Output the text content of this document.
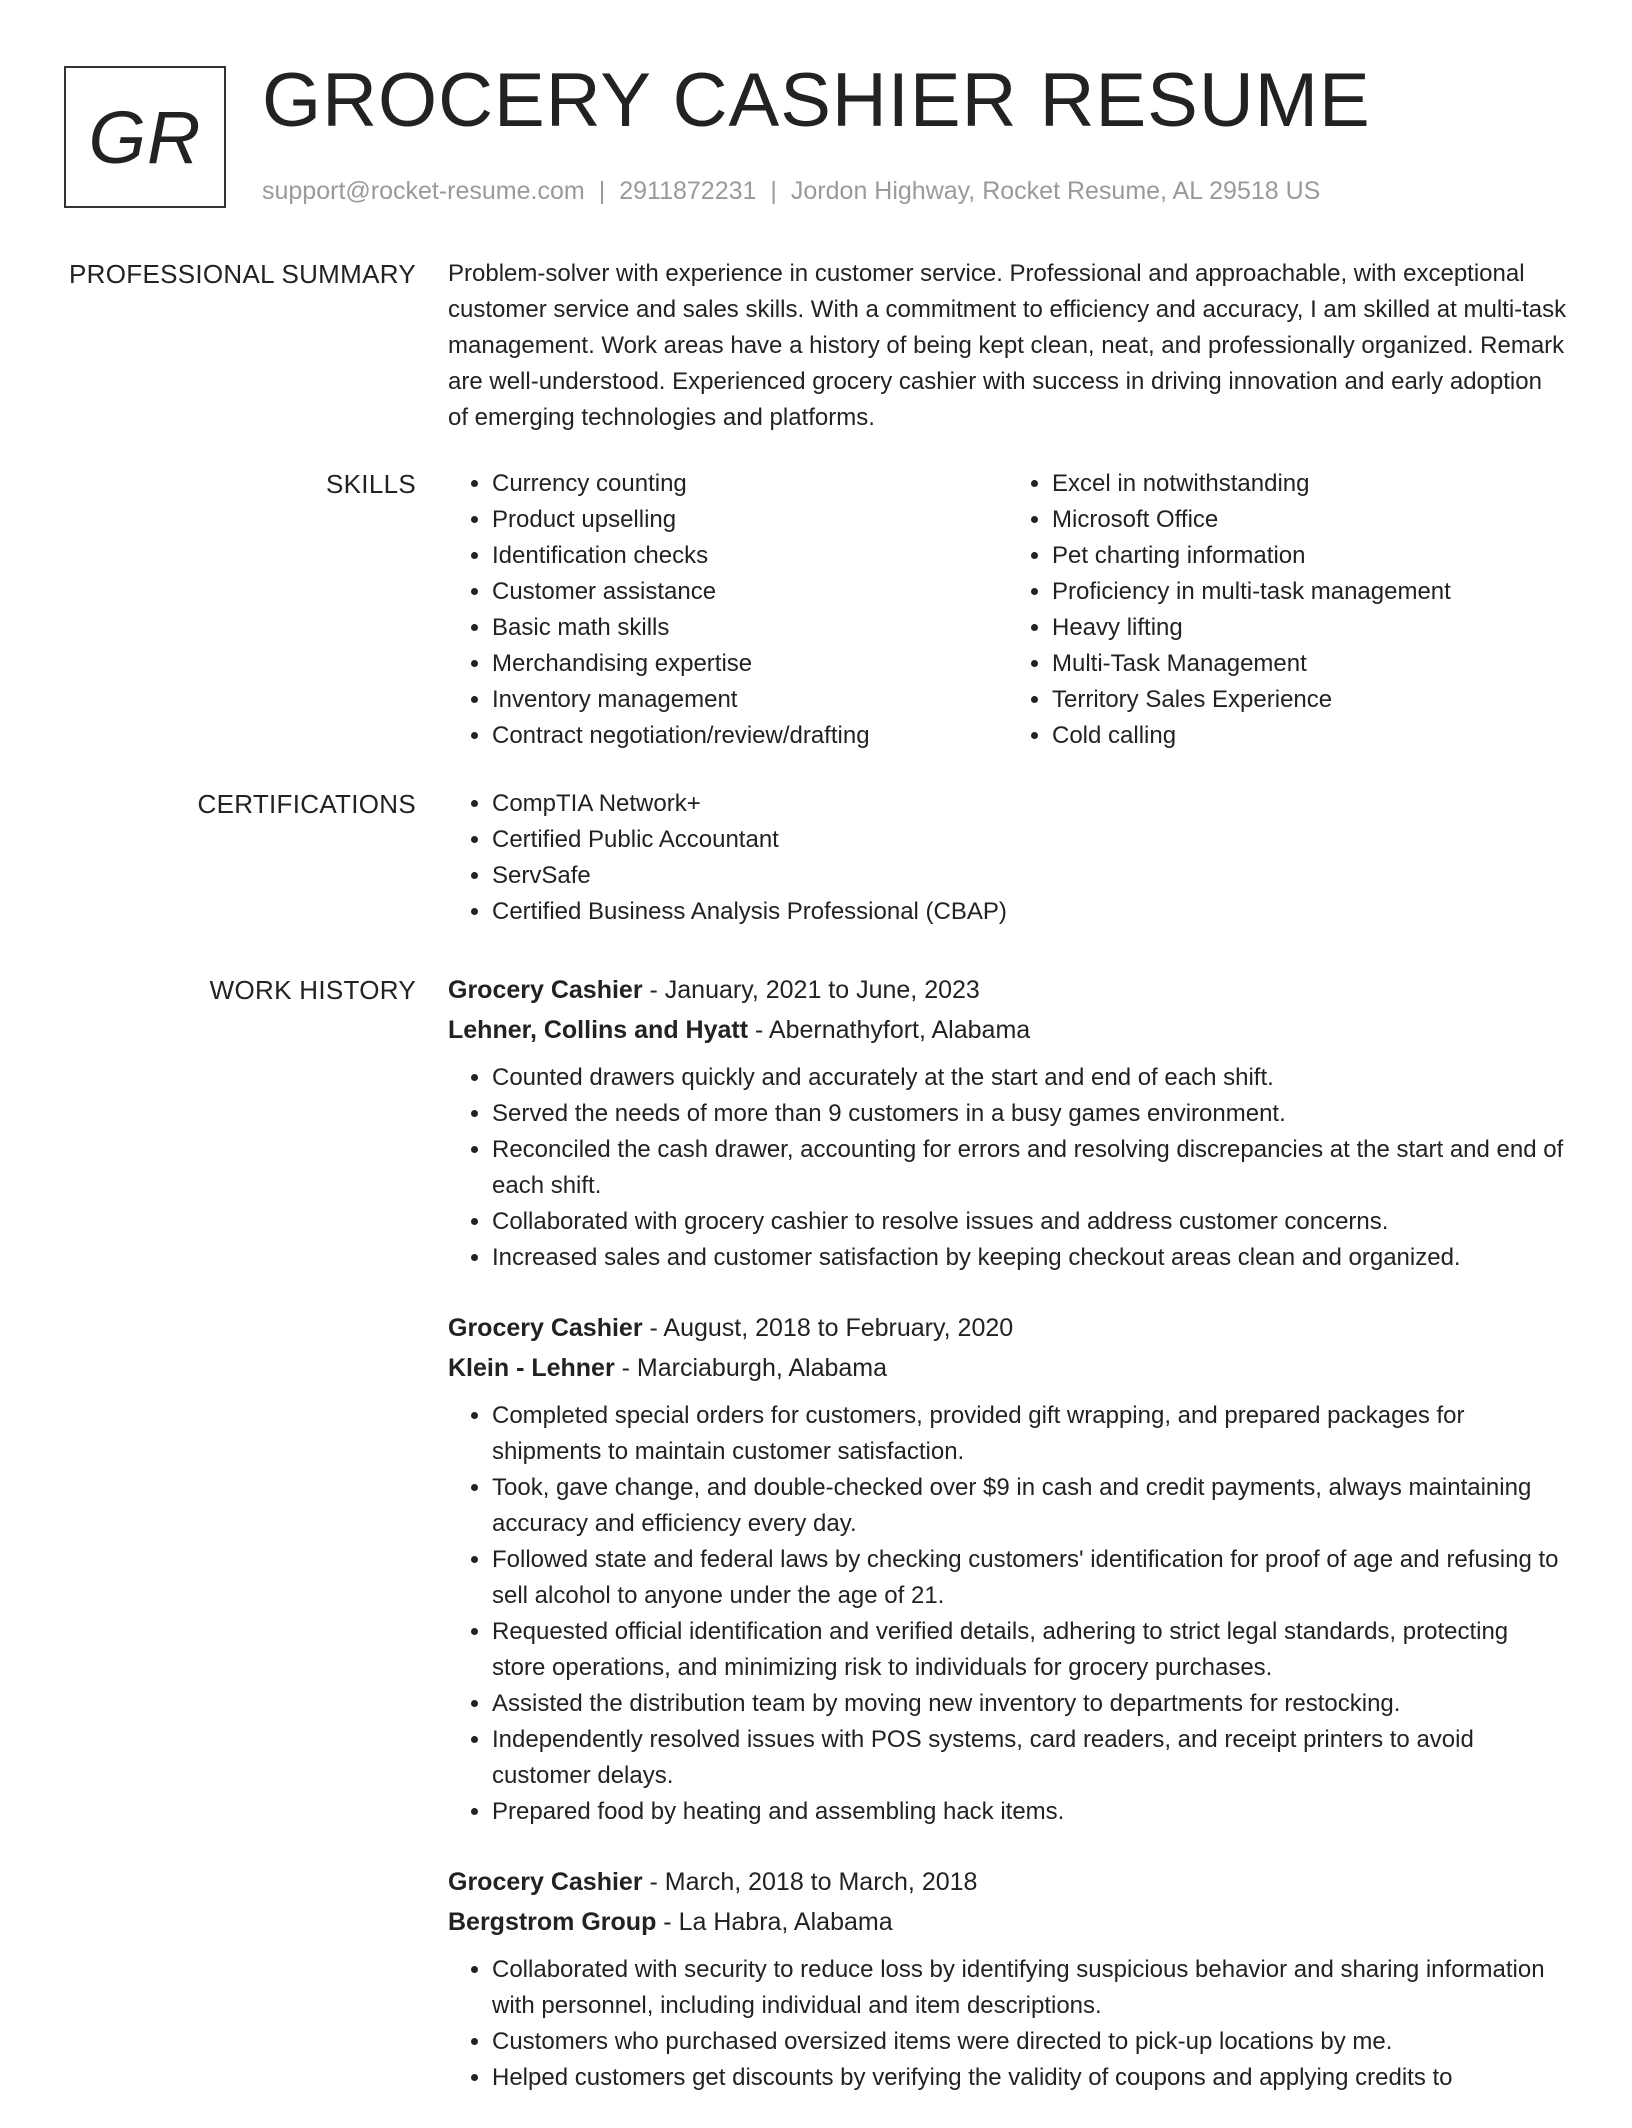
GR GROCERY CASHIER RESUME
support@rocket-resume.com | 2911872231 | Jordon Highway, Rocket Resume, AL 29518 US
PROFESSIONAL SUMMARY Problem-solver with experience in customer service. Professional and approachable, with exceptional customer service and sales skills. With a commitment to efficiency and accuracy, I am skilled at multi-task management. Work areas have a history of being kept clean, neat, and professionally organized. Remark are well-understood. Experienced grocery cashier with success in driving innovation and early adoption of emerging technologies and platforms.

SKILLS	• Currency counting
• Product upselling
• Identification checks
• Customer assistance
• Basic math skills
• Merchandising expertise
• Inventory management
• Contract negotiation/review/drafting
• Excel in notwithstanding
• Microsoft Office
• Pet charting information
• Proficiency in multi-task management
• Heavy lifting
• Multi-Task Management
• Territory Sales Experience
• Cold calling
CERTIFICATIONS	• CompTIA Network+
• Certified Public Accountant
• ServSafe
• Certified Business Analysis Professional (CBAP)
WORK HISTORY Grocery Cashier - January, 2021 to June, 2023
Lehner, Collins and Hyatt - Abernathyfort, Alabama
• Counted drawers quickly and accurately at the start and end of each shift.
• Served the needs of more than 9 customers in a busy games environment.
• Reconciled the cash drawer, accounting for errors and resolving discrepancies at the start and end of each shift.
• Collaborated with grocery cashier to resolve issues and address customer concerns.
• Increased sales and customer satisfaction by keeping checkout areas clean and organized.
Grocery Cashier - August, 2018 to February, 2020
Klein - Lehner - Marciaburgh, Alabama
• Completed special orders for customers, provided gift wrapping, and prepared packages for shipments to maintain customer satisfaction.
• Took, gave change, and double-checked over $9 in cash and credit payments, always maintaining accuracy and efficiency every day.
• Followed state and federal laws by checking customers' identification for proof of age and refusing to sell alcohol to anyone under the age of 21.
• Requested official identification and verified details, adhering to strict legal standards, protecting store operations, and minimizing risk to individuals for grocery purchases.
• Assisted the distribution team by moving new inventory to departments for restocking.
• Independently resolved issues with POS systems, card readers, and receipt printers to avoid customer delays.
• Prepared food by heating and assembling hack items.
Grocery Cashier - March, 2018 to March, 2018
Bergstrom Group - La Habra, Alabama
• Collaborated with security to reduce loss by identifying suspicious behavior and sharing information with personnel, including individual and item descriptions.
• Customers who purchased oversized items were directed to pick-up locations by me.
• Helped customers get discounts by verifying the validity of coupons and applying credits to
